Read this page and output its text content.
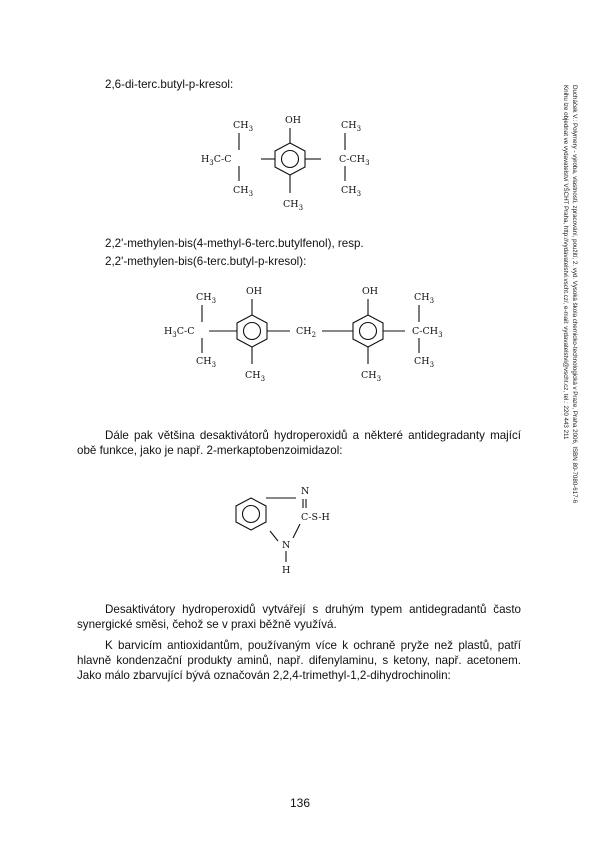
Ducháček V.: Polymery - výroba, vlastnosti, zpracování, použití, 2. vyd. Vysoká škola chemicko-technologická v Praze, Praha 2006, ISBN 80-7080-617-6
Knihu lze objednat ve vydavatelství VŠCHT Praha, http://vydavatelstvi.vscht.cz/, e-mail: vydavatelstvi@vscht.cz, tel.: 220 443 211
2,6-di-terc.butyl-p-kresol:
OH
$CH_3$
$CH_3$
$H_3C-C$
$CH_3$
$CH_3$
$C-CH_3$
$CH_3$
2,2'-methylen-bis(4-methyl-6-terc.butylfenol), resp.
2,2'-methylen-bis(6-terc.butyl-p-kresol):
OH	OH
$CH_2$
$CH_3$	$CH_3$
$CH_3$
$H_3C-C$
$CH_3$
$CH_3$
$C-CH_3$
$CH_3$
Dále pak většina desaktivátorů hydroperoxidů a některé antidegradanty mající obě funkce, jako je např. 2-merkaptobenzoimidazol:
N
C-S-H
N
H
Desaktivátory hydroperoxidů vytvářejí s druhým typem antidegradantů často synergické směsi, čehož se v praxi běžně využívá.
K barvicím antioxidantům, používaným více k ochraně pryže než plastů, patří hlavně kondenzační produkty aminů, např. difenylaminu, s ketony, např. acetonem. Jako málo zbarvující bývá označován 2,2,4-trimethyl-1,2-dihydrochinolin:
136
